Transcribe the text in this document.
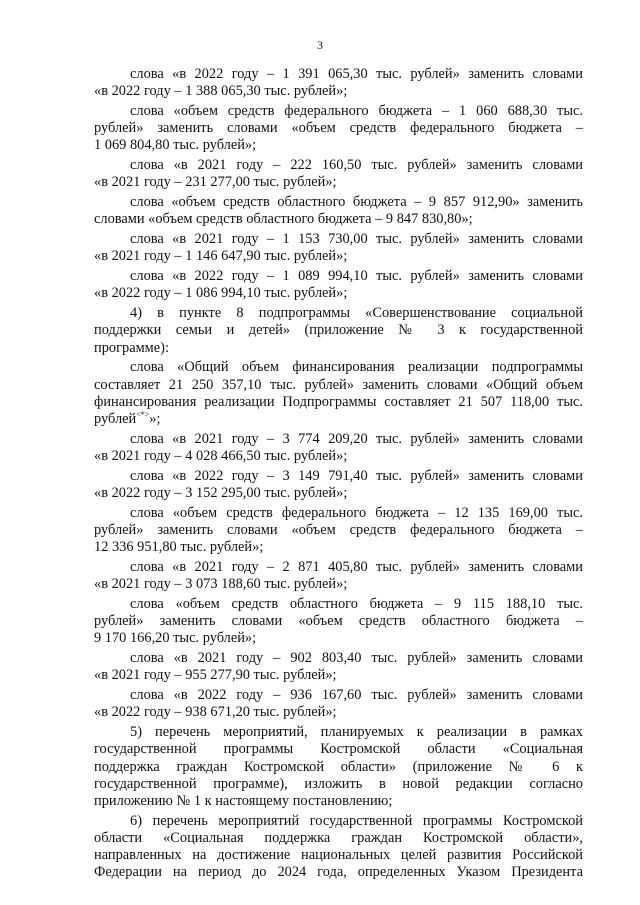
3
слова «в 2022 году – 1 391 065,30 тыс. рублей» заменить словами
«в 2022 году – 1 388 065,30 тыс. рублей»;
слова «объем средств федерального бюджета – 1 060 688,30 тыс.
рублей» заменить словами «объем средств федерального бюджета –
1 069 804,80 тыс. рублей»;
слова «в 2021 году – 222 160,50 тыс. рублей» заменить словами
«в 2021 году – 231 277,00 тыс. рублей»;
слова «объем средств областного бюджета – 9 857 912,90» заменить
словами «объем средств областного бюджета – 9 847 830,80»;
слова «в 2021 году – 1 153 730,00 тыс. рублей» заменить словами
«в 2021 году – 1 146 647,90 тыс. рублей»;
слова «в 2022 году – 1 089 994,10 тыс. рублей» заменить словами
«в 2022 году – 1 086 994,10 тыс. рублей»;
4) в пункте 8 подпрограммы «Совершенствование социальной
поддержки семьи и детей» (приложение № 3 к государственной
программе):
слова «Общий объем финансирования реализации подпрограммы
составляет 21 250 357,10 тыс. рублей» заменить словами «Общий объем
финансирования реализации Подпрограммы составляет 21 507 118,00 тыс.
рублей<*>»;
слова «в 2021 году – 3 774 209,20 тыс. рублей» заменить словами
«в 2021 году – 4 028 466,50 тыс. рублей»;
слова «в 2022 году – 3 149 791,40 тыс. рублей» заменить словами
«в 2022 году – 3 152 295,00 тыс. рублей»;
слова «объем средств федерального бюджета – 12 135 169,00 тыс.
рублей» заменить словами «объем средств федерального бюджета –
12 336 951,80 тыс. рублей»;
слова «в 2021 году – 2 871 405,80 тыс. рублей» заменить словами
«в 2021 году – 3 073 188,60 тыс. рублей»;
слова «объем средств областного бюджета – 9 115 188,10 тыс.
рублей» заменить словами «объем средств областного бюджета –
9 170 166,20 тыс. рублей»;
слова «в 2021 году – 902 803,40 тыс. рублей» заменить словами
«в 2021 году – 955 277,90 тыс. рублей»;
слова «в 2022 году – 936 167,60 тыс. рублей» заменить словами
«в 2022 году – 938 671,20 тыс. рублей»;
5) перечень мероприятий, планируемых к реализации в рамках
государственной программы Костромской области «Социальная
поддержка граждан Костромской области» (приложение № 6 к
государственной программе), изложить в новой редакции согласно
приложению № 1 к настоящему постановлению;
6) перечень мероприятий государственной программы Костромской
области «Социальная поддержка граждан Костромской области»,
направленных на достижение национальных целей развития Российской
Федерации на период до 2024 года, определенных Указом Президента
